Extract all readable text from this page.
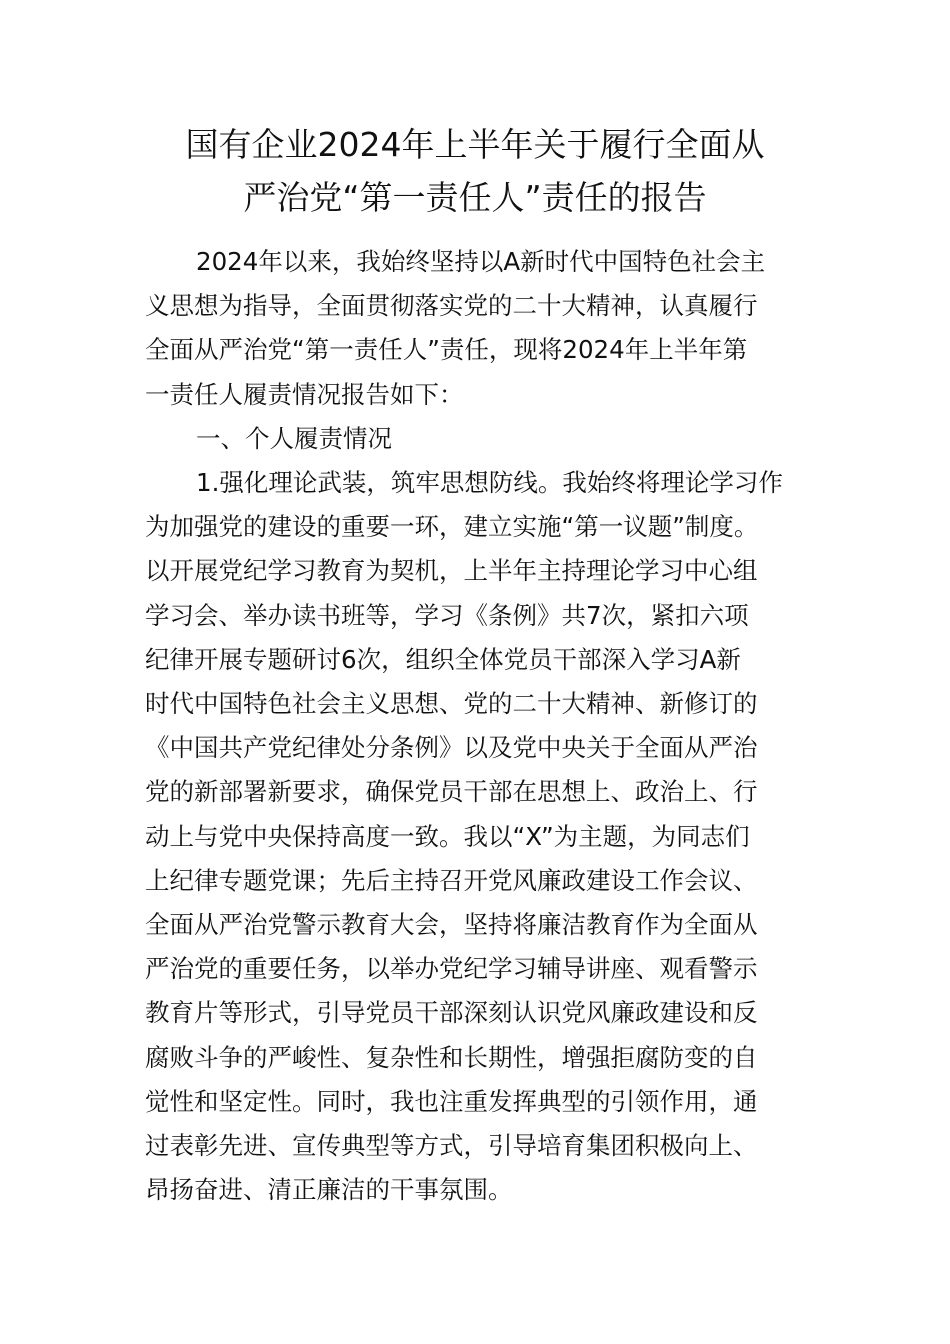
国有企业2024年上半年关于履行全面从
严治党“第一责任人”责任的报告
2024年以来，我始终坚持以A新时代中国特色社会主
义思想为指导，全面贯彻落实党的二十大精神，认真履行
全面从严治党“第一责任人”责任，现将2024年上半年第
一责任人履责情况报告如下：
一、个人履责情况
1.强化理论武装，筑牢思想防线。我始终将理论学习作
为加强党的建设的重要一环，建立实施“第一议题”制度。
以开展党纪学习教育为契机，上半年主持理论学习中心组
学习会、举办读书班等，学习《条例》共7次，紧扣六项
纪律开展专题研讨6次，组织全体党员干部深入学习A新
时代中国特色社会主义思想、党的二十大精神、新修订的
《中国共产党纪律处分条例》以及党中央关于全面从严治
党的新部署新要求，确保党员干部在思想上、政治上、行
动上与党中央保持高度一致。我以“X”为主题，为同志们
上纪律专题党课；先后主持召开党风廉政建设工作会议、
全面从严治党警示教育大会，坚持将廉洁教育作为全面从
严治党的重要任务，以举办党纪学习辅导讲座、观看警示
教育片等形式，引导党员干部深刻认识党风廉政建设和反
腐败斗争的严峻性、复杂性和长期性，增强拒腐防变的自
觉性和坚定性。同时，我也注重发挥典型的引领作用，通
过表彰先进、宣传典型等方式，引导培育集团积极向上、
昂扬奋进、清正廉洁的干事氛围。
